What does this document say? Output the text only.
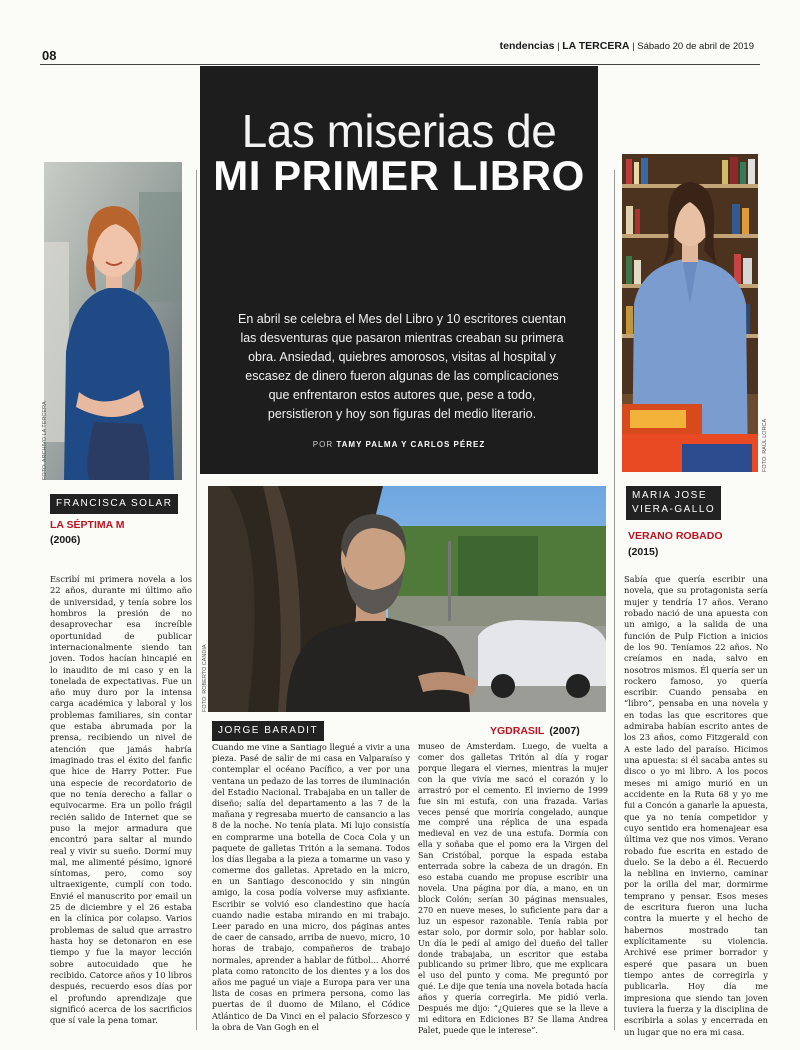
08
tendencias | LA TERCERA | Sábado 20 de abril de 2019
Las miserias de
MI PRIMER LIBRO
En abril se celebra el Mes del Libro y 10 escritores cuentan las desventuras que pasaron mientras creaban su primera obra. Ansiedad, quiebres amorosos, visitas al hospital y escasez de dinero fueron algunas de las complicaciones que enfrentaron estos autores que, pese a todo, persistieron y hoy son figuras del medio literario.
POR TAMY PALMA Y CARLOS PÉREZ
FOTO: ARCHIVO LA TERCERA
FRANCISCA SOLAR
LA SÉPTIMA M
(2006)

Escribí mi primera novela a los 22 años, durante mi último año de universidad, y tenía sobre los hombros la presión de no desaprovechar esa increíble oportunidad de publicar internacionalmente siendo tan joven. Todos hacían hincapié en lo inaudito de mi caso y en la tonelada de expectativas. Fue un año muy duro por la intensa carga académica y laboral y los problemas familiares, sin contar que estaba abrumada por la prensa, recibiendo un nivel de atención que jamás habría imaginado tras el éxito del fanfic que hice de Harry Potter. Fue una especie de recordatorio de que no tenía derecho a fallar o equivocarme. Era un pollo frágil recién salido de Internet que se puso la mejor armadura que encontró para saltar al mundo real y vivir su sueño. Dormí muy mal, me alimenté pésimo, ignoré síntomas, pero, como soy ultraexigente, cumplí con todo. Envié el manuscrito por email un 25 de diciembre y el 26 estaba en la clínica por colapso. Varios problemas de salud que arrastro hasta hoy se detonaron en ese tiempo y fue la mayor lección sobre autocuidado que he recibido. Catorce años y 10 libros después, recuerdo esos días por el profundo aprendizaje que significó acerca de los sacrificios que sí vale la pena tomar.

FOTO: RAÚL LORCA
MARIA JOSE
VIERA-GALLO
VERANO ROBADO
(2015)

Sabía que quería escribir una novela, que su protagonista sería mujer y tendría 17 años. Verano robado nació de una apuesta con un amigo, a la salida de una función de Pulp Fiction a inicios de los 90. Teníamos 22 años. No creíamos en nada, salvo en nosotros mismos. Él quería ser un rockero famoso, yo quería escribir. Cuando pensaba en “libro”, pensaba en una novela y en todas las que escritores que admiraba habían escrito antes de los 23 años, como Fitzgerald con A este lado del paraíso. Hicimos una apuesta: si él sacaba antes su disco o yo mi libro. A los pocos meses mi amigo murió en un accidente en la Ruta 68 y yo me fui a Concón a ganarle la apuesta, que ya no tenía competidor y cuyo sentido era homenajear esa última vez que nos vimos. Verano robado fue escrita en estado de duelo. Se la debo a él. Recuerdo la neblina en invierno, caminar por la orilla del mar, dormirme temprano y pensar. Esos meses de escritura fueron una lucha contra la muerte y el hecho de habernos mostrado tan explícitamente su violencia. Archivé ese primer borrador y esperé que pasara un buen tiempo antes de corregirla y publicarla. Hoy día me impresiona que siendo tan joven tuviera la fuerza y la disciplina de escribirla a solas y encerrada en un lugar que no era mi casa.

FOTO: ROBERTO CANDIA
JORGE BARADIT	YGDRASIL (2007)

Cuando me vine a Santiago llegué a vivir a una pieza. Pasé de salir de mi casa en Valparaíso y contemplar el océano Pacífico, a ver por una ventana un pedazo de las torres de iluminación del Estadio Nacional. Trabajaba en un taller de diseño; salía del departamento a las 7 de la mañana y regresaba muerto de cansancio a las 8 de la noche. No tenía plata. Mi lujo consistía en comprarme una botella de Coca Cola y un paquete de galletas Tritón a la semana. Todos los días llegaba a la pieza a tomarme un vaso y comerme dos galletas. Apretado en la micro, en un Santiago desconocido y sin ningún amigo, la cosa podía volverse muy asfixiante. Escribir se volvió eso clandestino que hacía cuando nadie estaba mirando en mi trabajo. Leer parado en una micro, dos páginas antes de caer de cansado, arriba de nuevo, micro, 10 horas de trabajo, compañeros de trabajo normales, aprender a hablar de fútbol... Ahorré plata como ratoncito de los dientes y a los dos años me pagué un viaje a Europa para ver una lista de cosas en primera persona, como las puertas de il duomo de Milano, el Códice Atlántico de Da Vinci en el palacio Sforzesco y la obra de Van Gogh en el

museo de Amsterdam. Luego, de vuelta a comer dos galletas Tritón al día y rogar porque llegara el viernes, mientras la mujer con la que vivía me sacó el corazón y lo arrastró por el cemento. El invierno de 1999 fue sin mi estufa, con una frazada. Varias veces pensé que moriría congelado, aunque me compré una réplica de una espada medieval en vez de una estufa. Dormía con ella y soñaba que el pomo era la Virgen del San Cristóbal, porque la espada estaba enterrada sobre la cabeza de un dragón. En eso estaba cuando me propuse escribir una novela. Una página por día, a mano, en un block Colón; serían 30 páginas mensuales, 270 en nueve meses, lo suficiente para dar a luz un espesor razonable. Tenía rabia por estar solo, por dormir solo, por hablar solo. Un día le pedí al amigo del dueño del taller donde trabajaba, un escritor que estaba publicando su primer libro, que me explicara el uso del punto y coma. Me preguntó por qué. Le dije que tenía una novela botada hacía años y quería corregirla. Me pidió verla. Después me dijo: “¿Quieres que se la lleve a mi editora en Ediciones B? Se llama Andrea Palet, puede que le interese”.
